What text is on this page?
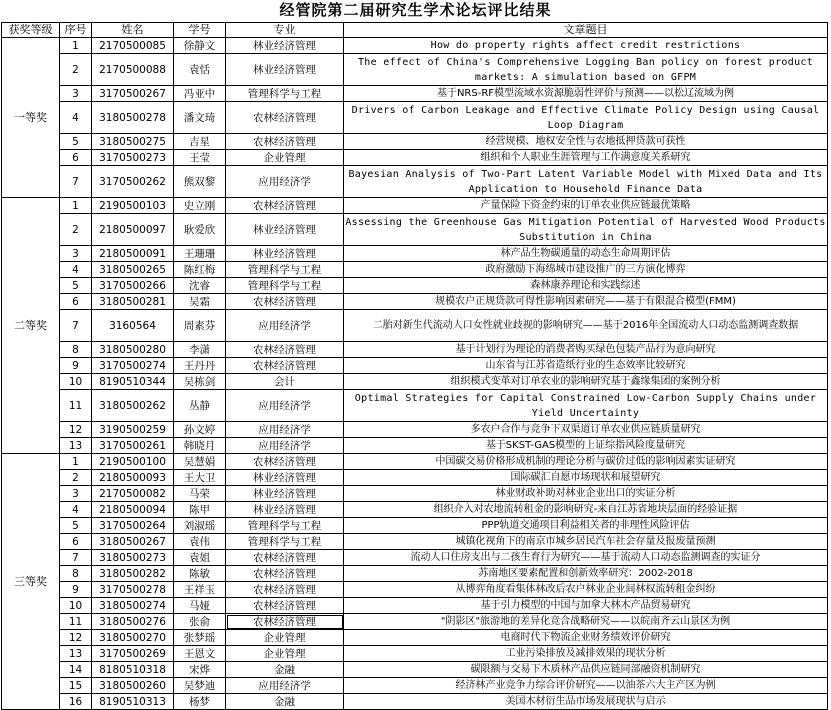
经管院第二届研究生学术论坛评比结果
获奖等级	序号	姓名	学号	专业	文章题目
一等奖	1	2170500085	徐静文	林业经济管理	How do property rights affect credit restrictions
	2	2170500088	袁恬	林业经济管理	The effect of China's Comprehensive Logging Ban policy on forest product markets: A simulation based on GFPM
	3	3170500267	冯亚中	管理科学与工程	基于NRS-RF模型流域水资源脆弱性评价与预测——以松辽流域为例
	4	3180500278	潘文琦	农林经济管理	Drivers of Carbon Leakage and Effective Climate Policy Design using Causal Loop Diagram
	5	3180500275	吉星	农林经济管理	经营规模、地权安全性与农地抵押贷款可获性
	6	3170500273	王莹	企业管理	组织和个人职业生涯管理与工作满意度关系研究
	7	3170500262	熊双黎	应用经济学	Bayesian Analysis of Two-Part Latent Variable Model with Mixed Data and Its Application to Household Finance Data
二等奖	1	2190500103	史立刚	农林经济管理	产量保险下资金约束的订单农业供应链最优策略
	2	2180500097	耿爱欣	林业经济管理	Assessing the Greenhouse Gas Mitigation Potential of Harvested Wood Products Substitution in China
	3	2180500091	王珊珊	林业经济管理	林产品生物碳通量的动态生命周期评估
	4	3180500265	陈红梅	管理科学与工程	政府激励下海绵城市建设推广的三方演化博弈
	5	3170500266	沈睿	管理科学与工程	森林康养理论和实践综述
	6	3180500281	吴霜	农林经济管理	规模农户正规贷款可得性影响因素研究——基于有限混合模型(FMM)
	7	3160564	周素芬	应用经济学	二胎对新生代流动人口女性就业歧视的影响研究——基于2016年全国流动人口动态监测调查数据
	8	3180500280	李潇	农林经济管理	基于计划行为理论的消费者购买绿色包装产品行为意向研究
	9	3170500274	王丹丹	农林经济管理	山东省与江苏省造纸行业的生态效率比较研究
	10	8190510344	吴栋剑	会计	组织模式变革对订单农业的影响研究基于鑫缘集团的案例分析
	11	3180500262	丛静	应用经济学	Optimal Strategies for Capital Constrained Low-Carbon Supply Chains under Yield Uncertainty
	12	3190500259	孙文婷	应用经济学	多农户合作与竞争下双渠道订单农业供应链质量研究
	13	3170500261	韩晓月	应用经济学	基于SKST-GAS模型的上证综指风险度量研究
三等奖	1	2190500100	吴慧娟	农林经济管理	中国碳交易价格形成机制的理论分析与碳价过低的影响因素实证研究
	2	2180500093	王大卫	林业经济管理	国际碳汇自愿市场现状和展望研究
	3	2170500082	马荣	林业经济管理	林业财政补助对林业企业出口的实证分析
	4	2180500094	陈甲	林业经济管理	组织介入对农地流转租金的影响研究-来自江苏省地块层面的经验证据
	5	3170500264	刘淑瑶	管理科学与工程	PPP轨道交通项目利益相关者的非理性风险评估
	6	3180500267	袁伟	管理科学与工程	城镇化视角下的南京市城乡居民汽车社会存量及报废量预测
	7	3180500273	袁姐	农林经济管理	流动人口住房支出与二孩生育行为研究——基于流动人口动态监测调查的实证分
	8	3180500282	陈敏	农林经济管理	苏南地区要素配置和创新效率研究：2002-2018
	9	3170500278	王祥玉	农林经济管理	从博弈角度看集体林改后农户林业企业间林权流转租金纠纷
	10	3180500274	马娅	农林经济管理	基于引力模型的中国与加拿大林木产品贸易研究
	11	3180500276	张俞	农林经济管理	"阴影区"旅游地的差异化竞合战略研究——以皖南齐云山景区为例
	12	3180500270	张梦瑶	企业管理	电商时代下物流企业财务绩效评价研究
	13	3170500269	王恩文	企业管理	工业污染排放及减排效果的现状分析
	14	8180510318	宋烨	金融	碳限额与交易下木质林产品供应链同部融资机制研究
	15	3180500260	吴梦迪	应用经济学	经济林产业竞争力综合评价研究——以油茶六大主产区为例
	16	8190510313	杨梦	金融	美国木材衍生品市场发展现状与启示
